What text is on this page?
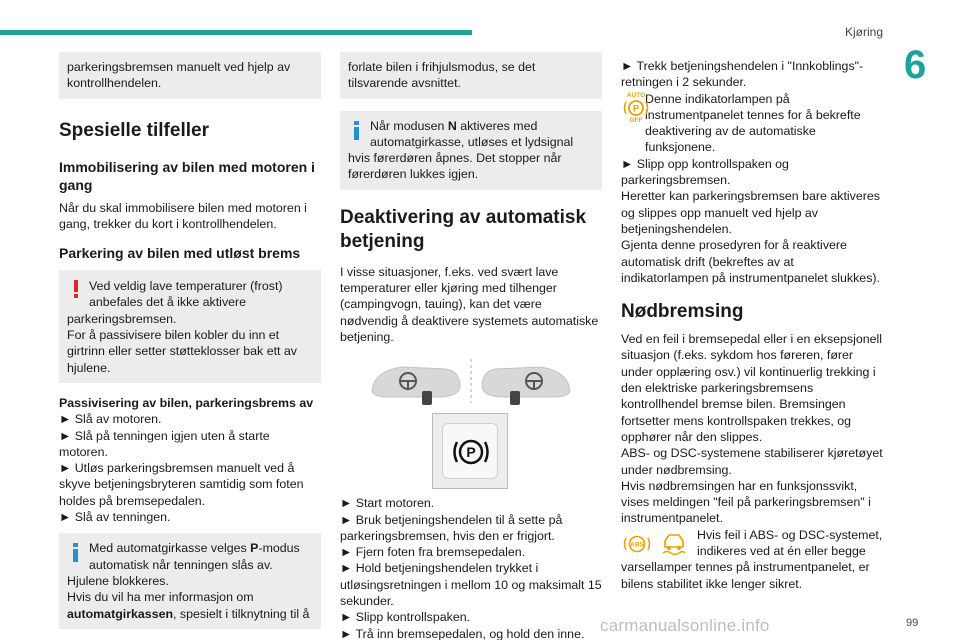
Kjøring
6
parkeringsbremsen manuelt ved hjelp av kontrollhendelen.
Spesielle tilfeller
Immobilisering av bilen med motoren i gang

Når du skal immobilisere bilen med motoren i gang, trekker du kort i kontrollhendelen.

Parkering av bilen med utløst brems
Ved veldig lave temperaturer (frost)
anbefales det å ikke aktivere
parkeringsbremsen.
For å passivisere bilen kobler du inn et girtrinn eller setter støtteklosser bak ett av hjulene.
Passivisering av bilen, parkeringsbrems av
► Slå av motoren.
► Slå på tenningen igjen uten å starte motoren.
► Utløs parkeringsbremsen manuelt ved å skyve betjeningsbryteren samtidig som foten holdes på bremsepedalen.
► Slå av tenningen.
Med automatgirkasse velges P-modus
automatisk når tenningen slås av.
Hjulene blokkeres.
Hvis du vil ha mer informasjon om
automatgirkassen, spesielt i tilknytning til å
forlate bilen i frihjulsmodus, se det tilsvarende avsnittet.
Når modusen N aktiveres med
automatgirkasse, utløses et lydsignal
hvis førerdøren åpnes. Det stopper når førerdøren lukkes igjen.
Deaktivering av automatisk betjening

I visse situasjoner, f.eks. ved svært lave temperaturer eller kjøring med tilhenger (campingvogn, tauing), kan det være nødvendig å deaktivere systemets automatiske betjening.

P
► Start motoren.
► Bruk betjeningshendelen til å sette på parkeringsbremsen, hvis den er frigjort.
► Fjern foten fra bremsepedalen.
► Hold betjeningshendelen trykket i utløsingsretningen i mellom 10 og maksimalt 15 sekunder.
► Slipp kontrollspaken.
► Trå inn bremsepedalen, og hold den inne.
► Trekk betjeningshendelen i "Innkoblings"-retningen i 2 sekunder.
AUTO
P
OFF
Denne indikatorlampen på
instrumentpanelet tennes for å bekrefte deaktivering av de automatiske funksjonene.
► Slipp opp kontrollspaken og parkeringsbremsen.
Heretter kan parkeringsbremsen bare aktiveres og slippes opp manuelt ved hjelp av betjeningshendelen.
Gjenta denne prosedyren for å reaktivere automatisk drift (bekreftes av at indikatorlampen på instrumentpanelet slukkes).
Nødbremsing
Ved en feil i bremsepedal eller i en eksepsjonell situasjon (f.eks. sykdom hos føreren, fører under opplæring osv.) vil kontinuerlig trekking i den elektriske parkeringsbremsens kontrollhendel bremse bilen. Bremsingen fortsetter mens kontrollspaken trekkes, og opphører når den slippes.
ABS- og DSC-systemene stabiliserer kjøretøyet under nødbremsing.
Hvis nødbremsingen har en funksjonssvikt, vises meldingen "feil på parkeringsbremsen" i instrumentpanelet.
ABS
Hvis feil i ABS- og DSC-systemet,
indikeres ved at én eller begge
varsellamper tennes på instrumentpanelet, er bilens stabilitet ikke lenger sikret.
carmanualsonline.info	99
